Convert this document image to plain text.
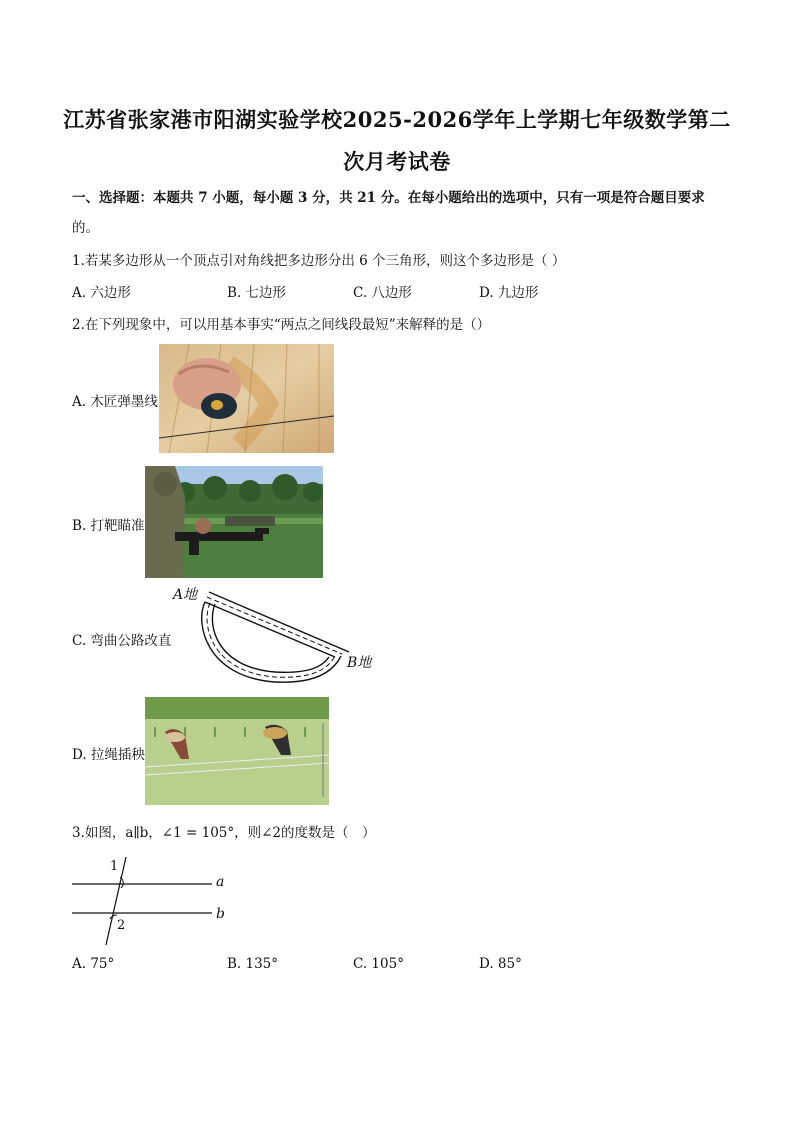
江苏省张家港市阳湖实验学校2025-2026学年上学期七年级数学第二
次月考试卷
一、选择题：本题共 7 小题，每小题 3 分，共 21 分。在每小题给出的选项中，只有一项是符合题目要求
的。
1.若某多边形从一个顶点引对角线把多边形分出 6 个三角形，则这个多边形是（ ）
A. 六边形	B. 七边形	C. 八边形	D. 九边形
2.在下列现象中，可以用基本事实“两点之间线段最短”来解释的是（）
A. 木匠弹墨线
B. 打靶瞄准
C. 弯曲公路改直
A地
B地
D. 拉绳插秧
3.如图，a∥b，∠1 = 105°，则∠2的度数是（　）
1
2
a
b
A. 75°	B. 135°	C. 105°	D. 85°
